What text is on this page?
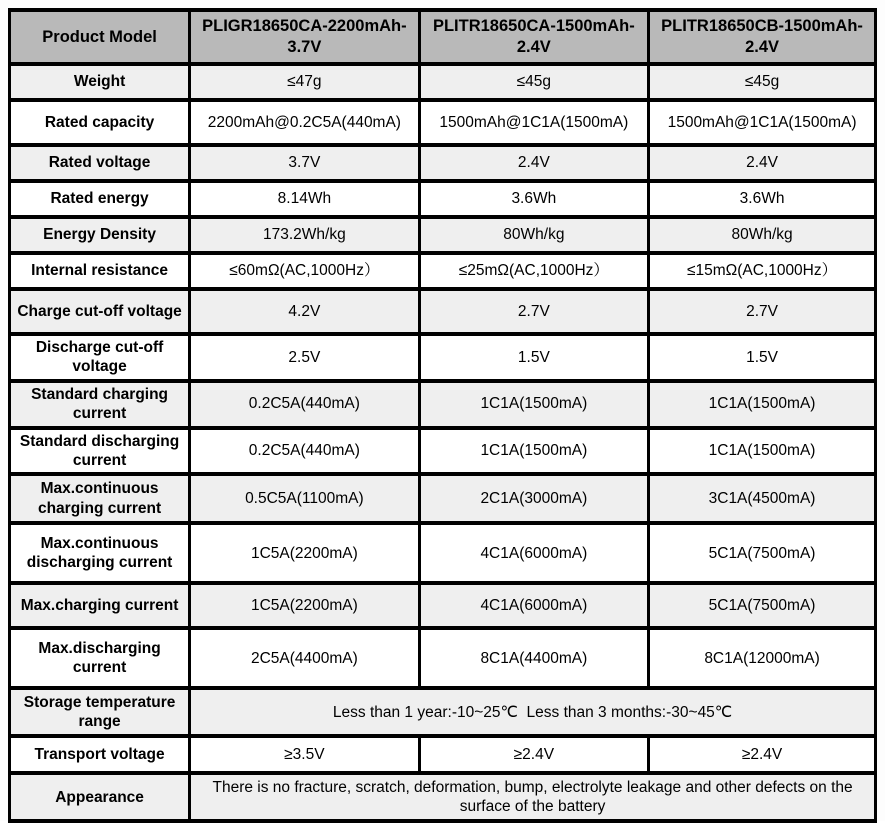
Product Model	PLIGR18650CA-2200mAh-3.7V	PLITR18650CA-1500mAh-2.4V	PLITR18650CB-1500mAh-2.4V
Weight	≤47g	≤45g	≤45g
Rated capacity	2200mAh@0.2C5A(440mA)	1500mAh@1C1A(1500mA)	1500mAh@1C1A(1500mA)
Rated voltage	3.7V	2.4V	2.4V
Rated energy	8.14Wh	3.6Wh	3.6Wh
Energy Density	173.2Wh/kg	80Wh/kg	80Wh/kg
Internal resistance	≤60mΩ(AC,1000Hz）	≤25mΩ(AC,1000Hz）	≤15mΩ(AC,1000Hz）
Charge cut-off voltage	4.2V	2.7V	2.7V
Discharge cut-off voltage	2.5V	1.5V	1.5V
Standard charging current	0.2C5A(440mA)	1C1A(1500mA)	1C1A(1500mA)
Standard discharging current	0.2C5A(440mA)	1C1A(1500mA)	1C1A(1500mA)
Max.continuous charging current	0.5C5A(1100mA)	2C1A(3000mA)	3C1A(4500mA)
Max.continuous discharging current	1C5A(2200mA)	4C1A(6000mA)	5C1A(7500mA)
Max.charging current	1C5A(2200mA)	4C1A(6000mA)	5C1A(7500mA)
Max.discharging current	2C5A(4400mA)	8C1A(4400mA)	8C1A(12000mA)
Storage temperature range	Less than 1 year:-10~25℃  Less than 3 months:-30~45℃		
Transport voltage	≥3.5V	≥2.4V	≥2.4V
Appearance	There is no fracture, scratch, deformation, bump, electrolyte leakage and other defects on the surface of the battery		
